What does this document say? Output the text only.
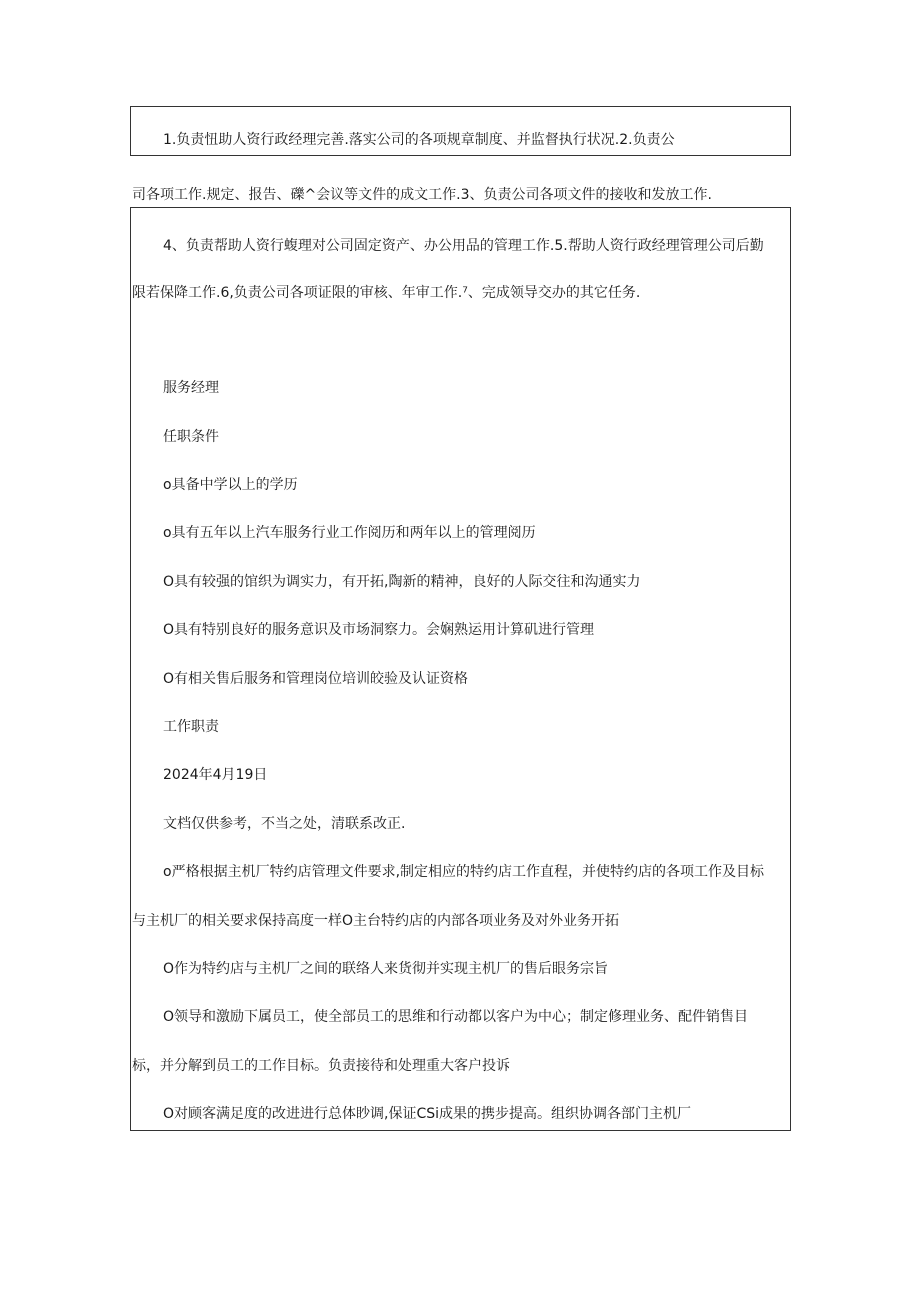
1.负责忸助人资行政经理完善.落实公司的各项规章制度、并监督执行状况.2.负责公
司各项工作.规定、报告、礫^会议等文件的成文工作.3、负责公司各项文件的接收和发放工作.
4、负责帮助人资行蝮理对公司固定资产、办公用品的管理工作.5.帮助人资行政经理管理公司后勤
限若保降工作.6,负责公司各项证限的审核、年审工作.⁷、完成领导交办的其它任务.
服务经理
任职条件
o具备中学以上的学历
o具有五年以上汽车服务行业工作阅历和两年以上的管理阅历
O具有较强的馆织为调实力，有开拓,陶新的精神，良好的人际交往和沟通实力
O具有特别良好的服务意识及市场洞察力。会娴熟运用计算矶进行管理
O有相关售后服务和管理岗位培训皎验及认证资格
工作职责
2024年4月19日
文档仅供参考，不当之处，清联系改正.
o严格根据主机厂特约店管理文件要求,制定相应的特约店工作直程，并使特约店的各项工作及目标
与主机厂的相关要求保持高度一样O主台特约店的内部各项业务及对外业务开拓
O作为特约店与主机厂之间的联络人来货彻并实现主机厂的售后眼务宗旨
O领导和激励下属员工，使全部员工的思维和行动都以客户为中心；制定修理业务、配件销售目
标，并分解到员工的工作目标。负责接待和处理重大客户投诉
O对顾客满足度的改进进行总体眇调,保证CSi成果的携步提高。组织协调各部门主机厂
